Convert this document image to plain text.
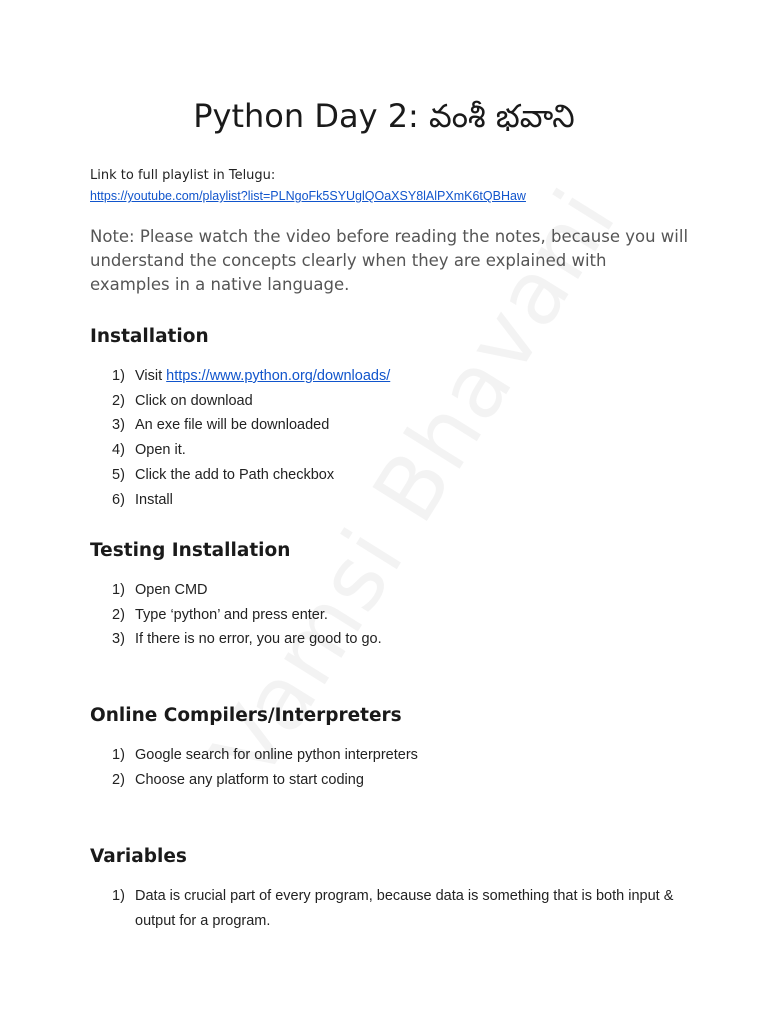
Python Day 2: వంశీ భవాని
Link to full playlist in Telugu:
https://youtube.com/playlist?list=PLNgoFk5SYUglQOaXSY8lAlPXmK6tQBHaw
Note: Please watch the video before reading the notes, because you will understand the concepts clearly when they are explained with examples in a native language.
Installation
1) Visit https://www.python.org/downloads/
2) Click on download
3) An exe file will be downloaded
4) Open it.
5) Click the add to Path checkbox
6) Install
Testing Installation
1) Open CMD
2) Type ‘python’ and press enter.
3) If there is no error, you are good to go.
Online Compilers/Interpreters
1) Google search for online python interpreters
2) Choose any platform to start coding
Variables
1) Data is crucial part of every program, because data is something that is both input & output for a program.
